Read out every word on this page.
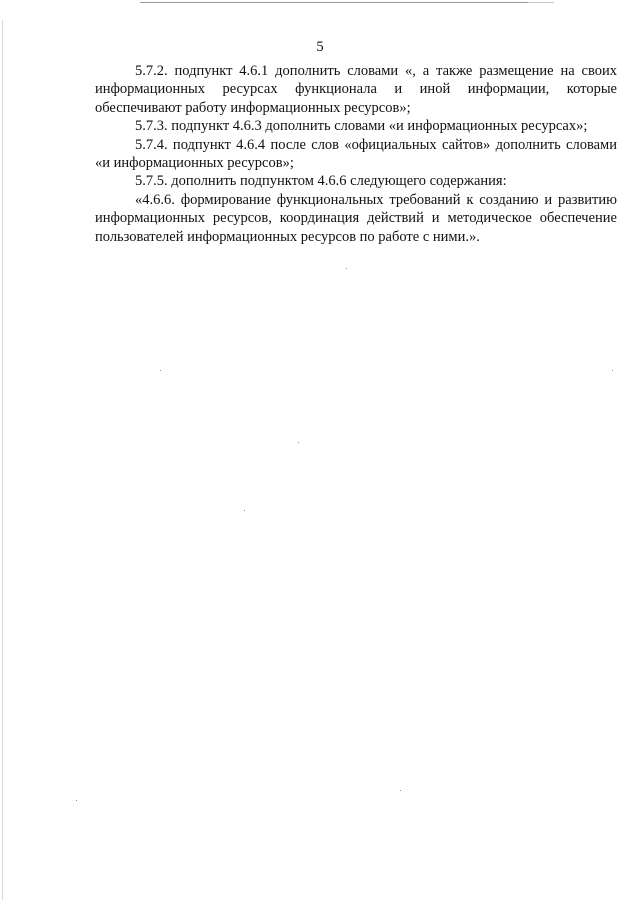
5

5.7.2. подпункт 4.6.1 дополнить словами «, а также размещение на своих информационных ресурсах функционала и иной информации, которые обеспечивают работу информационных ресурсов»;

5.7.3. подпункт 4.6.3 дополнить словами «и информационных ресурсах»;

5.7.4. подпункт 4.6.4 после слов «официальных сайтов» дополнить словами «и информационных ресурсов»;

5.7.5. дополнить подпунктом 4.6.6 следующего содержания:

«4.6.6. формирование функциональных требований к созданию и развитию информационных ресурсов, координация действий и методическое обеспечение пользователей информационных ресурсов по работе с ними.».
